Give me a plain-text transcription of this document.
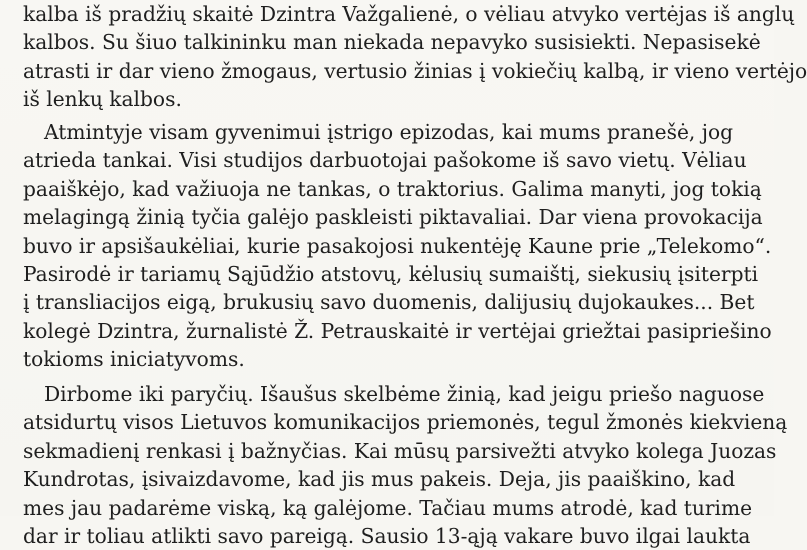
kalba iš pradžių skaitė Dzintra Važgalienė, o vėliau atvyko vertėjas iš anglų
kalbos. Su šiuo talkininku man niekada nepavyko susisiekti. Nepasisekė
atrasti ir dar vieno žmogaus, vertusio žinias į vokiečių kalbą, ir vieno vertėjo
iš lenkų kalbos.
Atmintyje visam gyvenimui įstrigo epizodas, kai mums pranešė, jog
atrieda tankai. Visi studijos darbuotojai pašokome iš savo vietų. Vėliau
paaiškėjo, kad važiuoja ne tankas, o traktorius. Galima manyti, jog tokią
melagingą žinią tyčia galėjo paskleisti piktavaliai. Dar viena provokacija
buvo ir apsišaukėliai, kurie pasakojosi nukentėję Kaune prie „Telekomo“.
Pasirodė ir tariamų Sąjūdžio atstovų, kėlusių sumaištį, siekusių įsiterpti
į transliacijos eigą, brukusių savo duomenis, dalijusių dujokaukes... Bet
kolegė Dzintra, žurnalistė Ž. Petrauskaitė ir vertėjai griežtai pasipriešino
tokioms iniciatyvoms.
Dirbome iki paryčių. Išaušus skelbėme žinią, kad jeigu priešo naguose
atsidurtų visos Lietuvos komunikacijos priemonės, tegul žmonės kiekvieną
sekmadienį renkasi į bažnyčias. Kai mūsų parsivežti atvyko kolega Juozas
Kundrotas, įsivaizdavome, kad jis mus pakeis. Deja, jis paaiškino, kad
mes jau padarėme viską, ką galėjome. Tačiau mums atrodė, kad turime
dar ir toliau atlikti savo pareigą. Sausio 13-ąją vakare buvo ilgai laukta
